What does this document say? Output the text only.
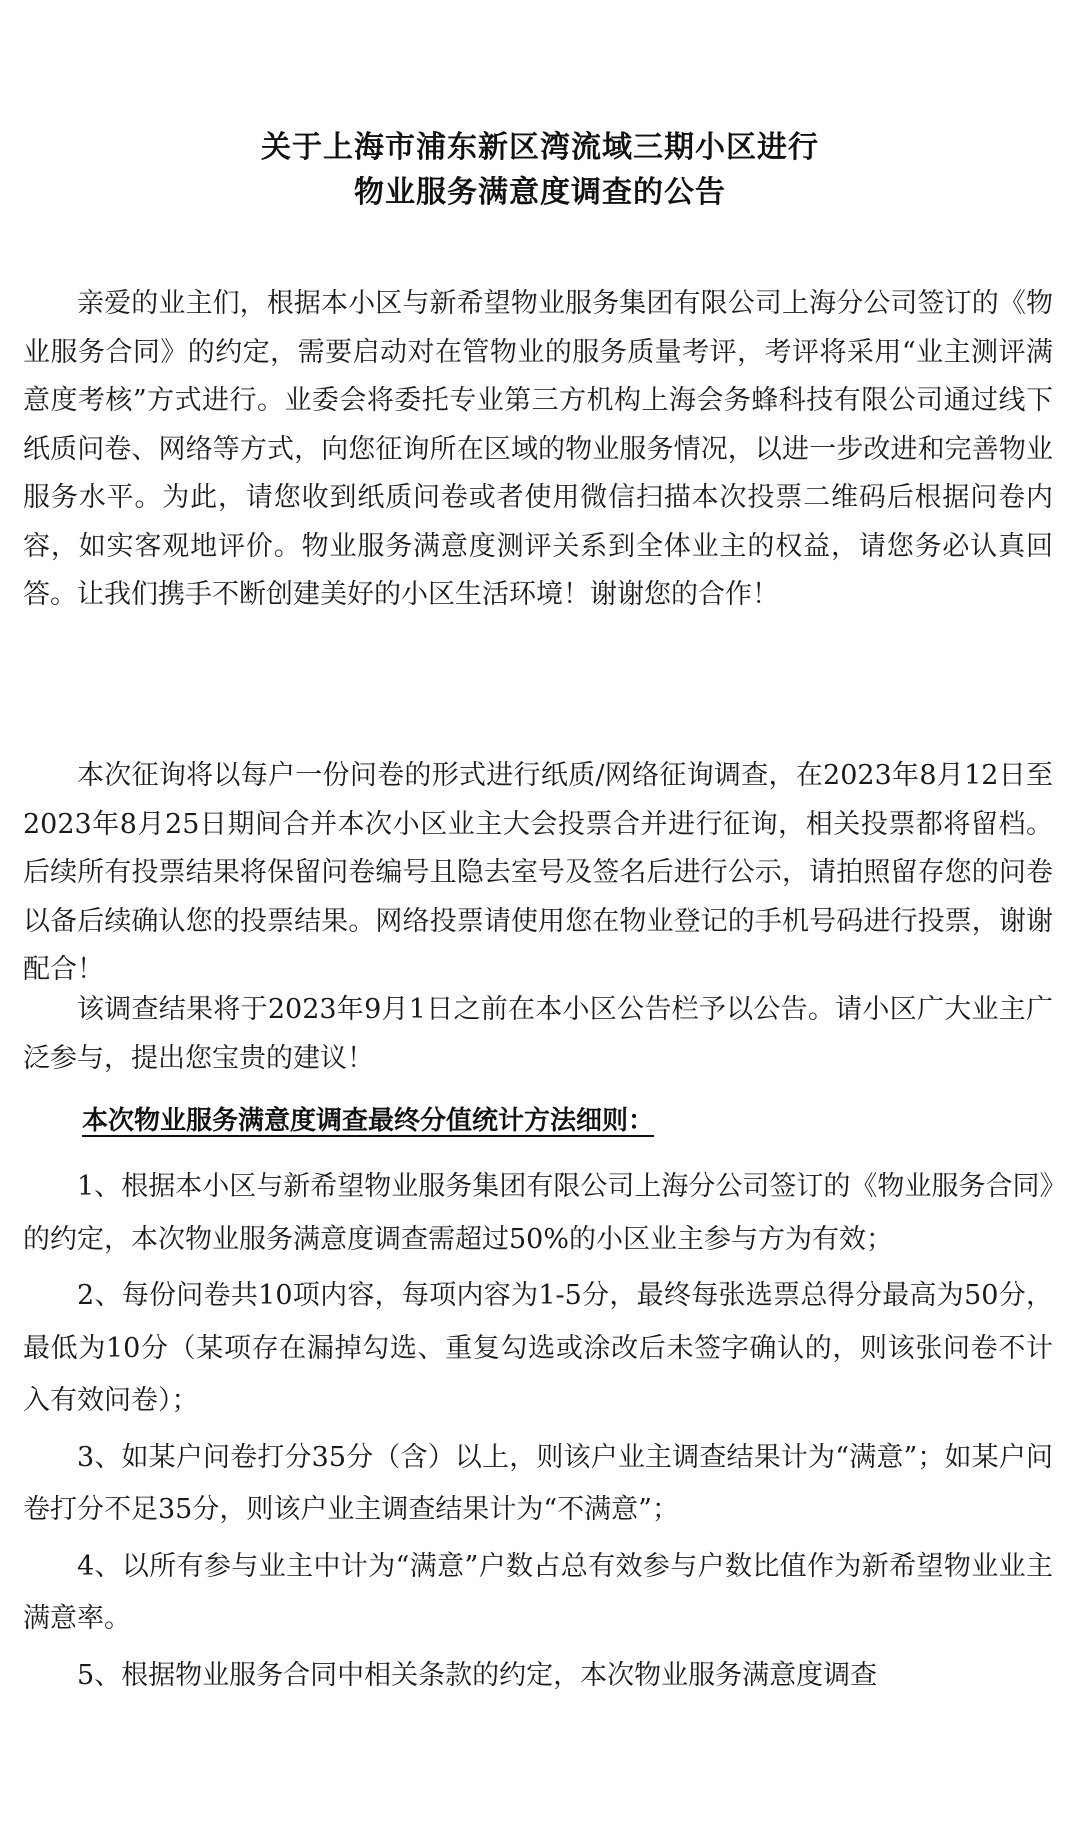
关于上海市浦东新区湾流域三期小区进行
物业服务满意度调查的公告

亲爱的业主们，根据本小区与新希望物业服务集团有限公司上海分公司签订的《物业服务合同》的约定，需要启动对在管物业的服务质量考评，考评将采用“业主测评满意度考核”方式进行。业委会将委托专业第三方机构上海会务蜂科技有限公司通过线下纸质问卷、网络等方式，向您征询所在区域的物业服务情况，以进一步改进和完善物业服务水平。为此，请您收到纸质问卷或者使用微信扫描本次投票二维码后根据问卷内容，如实客观地评价。物业服务满意度测评关系到全体业主的权益，请您务必认真回答。让我们携手不断创建美好的小区生活环境！谢谢您的合作！

本次征询将以每户一份问卷的形式进行纸质/网络征询调查，在2023年8月12日至2023年8月25日期间合并本次小区业主大会投票合并进行征询，相关投票都将留档。后续所有投票结果将保留问卷编号且隐去室号及签名后进行公示，请拍照留存您的问卷以备后续确认您的投票结果。网络投票请使用您在物业登记的手机号码进行投票，谢谢配合！

该调查结果将于2023年9月1日之前在本小区公告栏予以公告。请小区广大业主广泛参与，提出您宝贵的建议！

本次物业服务满意度调查最终分值统计方法细则：

1、根据本小区与新希望物业服务集团有限公司上海分公司签订的《物业服务合同》的约定，本次物业服务满意度调查需超过50%的小区业主参与方为有效；

2、每份问卷共10项内容，每项内容为1-5分，最终每张选票总得分最高为50分，最低为10分（某项存在漏掉勾选、重复勾选或涂改后未签字确认的，则该张问卷不计入有效问卷）；

3、如某户问卷打分35分（含）以上，则该户业主调查结果计为“满意”；如某户问卷打分不足35分，则该户业主调查结果计为“不满意”；

4、以所有参与业主中计为“满意”户数占总有效参与户数比值作为新希望物业业主满意率。

5、根据物业服务合同中相关条款的约定，本次物业服务满意度调查
